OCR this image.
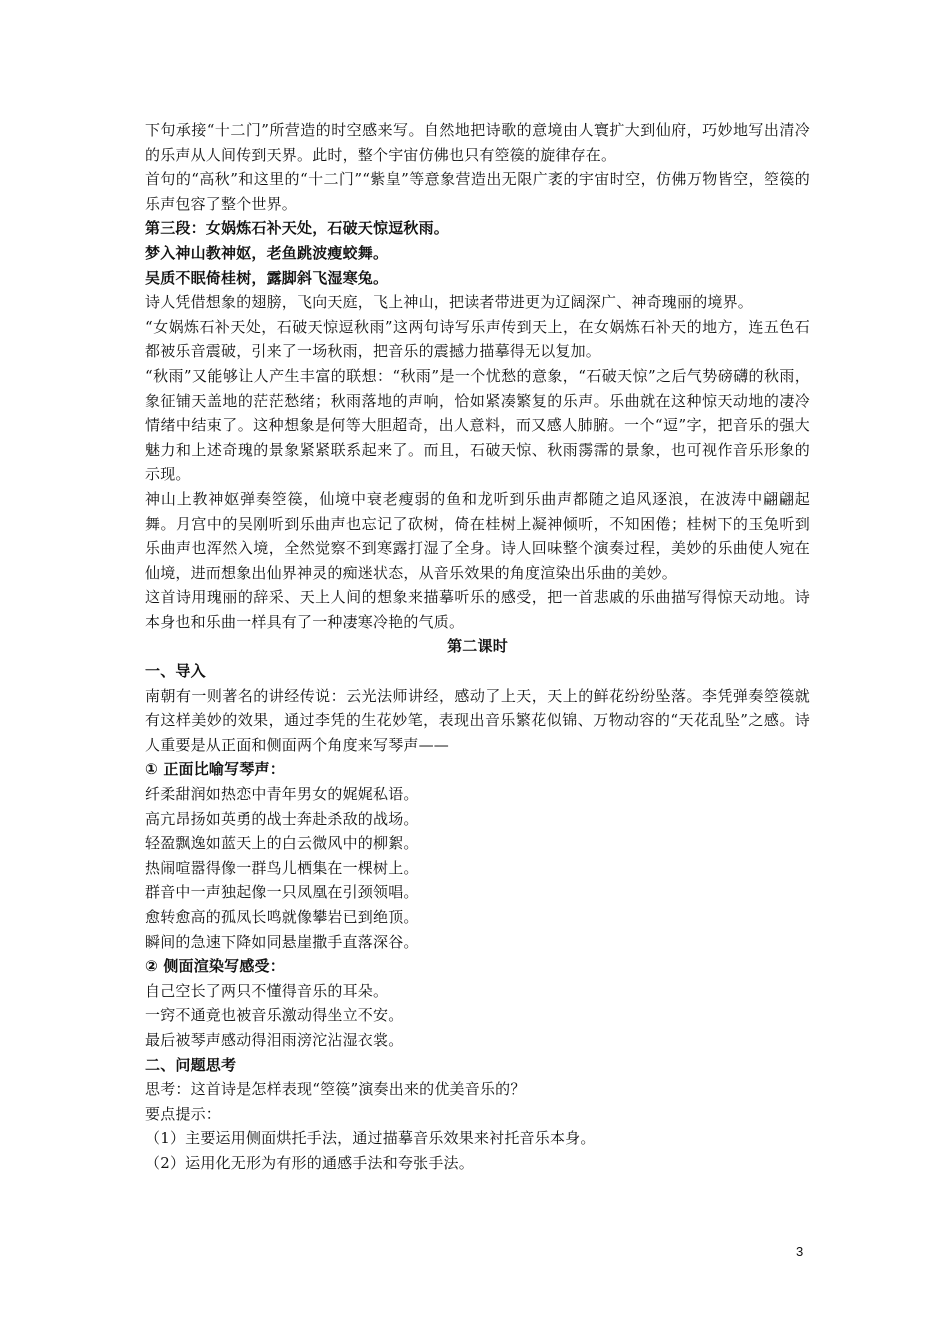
下句承接“十二门”所营造的时空感来写。自然地把诗歌的意境由人寰扩大到仙府，巧妙地写出清冷的乐声从人间传到天界。此时，整个宇宙仿佛也只有箜篌的旋律存在。

首句的“高秋”和这里的“十二门”“紫皇”等意象营造出无限广袤的宇宙时空，仿佛万物皆空，箜篌的乐声包容了整个世界。

第三段：女娲炼石补天处，石破天惊逗秋雨。

梦入神山教神妪，老鱼跳波瘦蛟舞。

吴质不眠倚桂树，露脚斜飞湿寒兔。

诗人凭借想象的翅膀，飞向天庭，飞上神山，把读者带进更为辽阔深广、神奇瑰丽的境界。

“女娲炼石补天处，石破天惊逗秋雨”这两句诗写乐声传到天上，在女娲炼石补天的地方，连五色石都被乐音震破，引来了一场秋雨，把音乐的震撼力描摹得无以复加。

“秋雨”又能够让人产生丰富的联想：“秋雨”是一个忧愁的意象，“石破天惊”之后气势磅礴的秋雨，象征铺天盖地的茫茫愁绪；秋雨落地的声响，恰如紧凑繁复的乐声。乐曲就在这种惊天动地的凄冷情绪中结束了。这种想象是何等大胆超奇，出人意料，而又感人肺腑。一个“逗”字，把音乐的强大魅力和上述奇瑰的景象紧紧联系起来了。而且，石破天惊、秋雨霶霈的景象，也可视作音乐形象的示现。

神山上教神妪弹奏箜篌，仙境中衰老瘦弱的鱼和龙听到乐曲声都随之追风逐浪，在波涛中翩翩起舞。月宫中的吴刚听到乐曲声也忘记了砍树，倚在桂树上凝神倾听，不知困倦；桂树下的玉兔听到乐曲声也浑然入境，全然觉察不到寒露打湿了全身。诗人回味整个演奏过程，美妙的乐曲使人宛在仙境，进而想象出仙界神灵的痴迷状态，从音乐效果的角度渲染出乐曲的美妙。

这首诗用瑰丽的辞采、天上人间的想象来描摹听乐的感受，把一首悲戚的乐曲描写得惊天动地。诗本身也和乐曲一样具有了一种凄寒冷艳的气质。

第二课时

一、导入

南朝有一则著名的讲经传说：云光法师讲经，感动了上天，天上的鲜花纷纷坠落。李凭弹奏箜篌就有这样美妙的效果，通过李凭的生花妙笔，表现出音乐繁花似锦、万物动容的“天花乱坠”之感。诗人重要是从正面和侧面两个角度来写琴声——

① 正面比喻写琴声：

纤柔甜润如热恋中青年男女的娓娓私语。

高亢昂扬如英勇的战士奔赴杀敌的战场。

轻盈飘逸如蓝天上的白云微风中的柳絮。

热闹喧嚣得像一群鸟儿栖集在一棵树上。

群音中一声独起像一只凤凰在引颈领唱。

愈转愈高的孤凤长鸣就像攀岩已到绝顶。

瞬间的急速下降如同悬崖撒手直落深谷。

② 侧面渲染写感受：

自己空长了两只不懂得音乐的耳朵。

一窍不通竟也被音乐激动得坐立不安。

最后被琴声感动得泪雨滂沱沾湿衣裳。

二、问题思考

思考：这首诗是怎样表现“箜篌”演奏出来的优美音乐的？

要点提示：

（1）主要运用侧面烘托手法，通过描摹音乐效果来衬托音乐本身。

（2）运用化无形为有形的通感手法和夸张手法。

3
